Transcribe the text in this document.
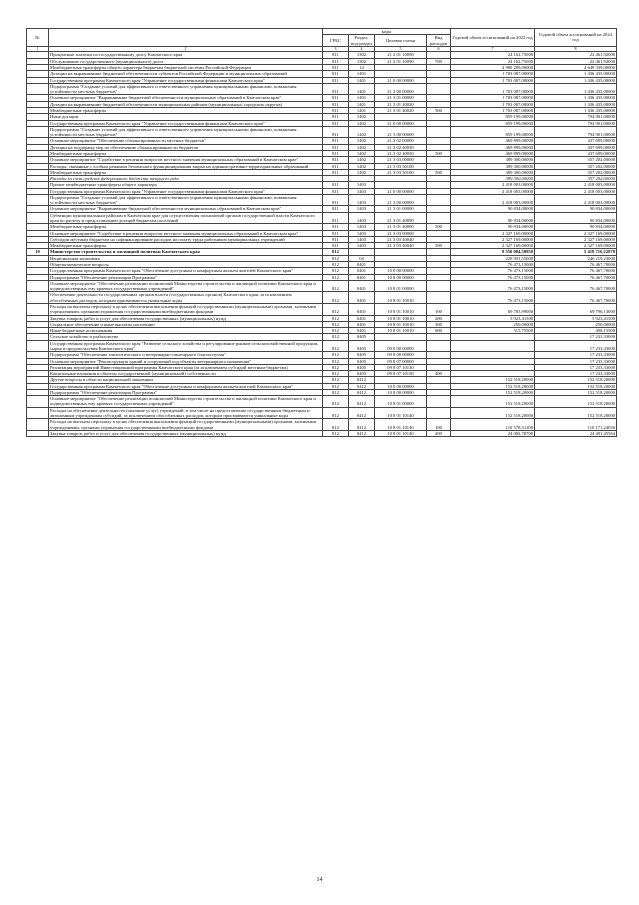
№		коды				Годовой объем ассигнований на 2023 год	Годовой объем ассигнований на 2024 год
		ГРБС	Раздел, под-раздел	Целевая статья	Вид расходов		
1	2	3	4	5	6	7	8
	Процентные платежи по государственному долгу Камчатского края	811	1302	21 2 01 10090		24 162,75000	22 461,92000
	Обслуживание государственного (муниципального) долга	811	1302	21 2 01 10090	700	24 162,75000	22 461,92000
	Межбюджетные трансферты общего характера бюджетам бюджетной системы Российской Федерации	811	14			4 980 289,00000	4 649 339,00000
	Дотации на выравнивание бюджетной обеспеченности субъектов Российской Федерации и муниципальных образований	811	1401			1 703 087,00000	1 436 435,00000
	Государственная программа Камчатского края "Управление государственными финансами Камчатского края"	811	1401	21 0 00 00000		1 703 087,00000	1 436 435,00000
	Подпрограмма "Создание условий для эффективного и ответственного управления муниципальными финансами, повышения устойчивости местных бюджетов"	811	1401	21 3 00 00000		1 703 087,00000	1 436 435,00000
	Основное мероприятие "Выравнивание бюджетной обеспеченности муниципальных образований в Камчатском крае"	811	1401	21 3 01 00000		1 703 087,00000	1 436 435,00000
	Дотации на выравнивание бюджетной обеспеченности муниципальных районов (муниципальных, городских округов)	811	1401	21 3 01 40020		1 703 087,00000	1 436 435,00000
	Межбюджетные трансферты	811	1401	21 3 01 40020	500	1 703 087,00000	1 436 435,00000
	Иные дотации	811	1402			859 199,00000	794 901,00000
	Государственная программа Камчатского края "Управление государственными финансами Камчатского края"	811	1402	21 0 00 00000		859 199,00000	794 901,00000
	Подпрограмма "Создание условий для эффективного и ответственного управления муниципальными финансами, повышения устойчивости местных бюджетов"	811	1402	21 3 00 00000		859 199,00000	794 901,00000
	Основное мероприятие "Обеспечение сбалансированности местных бюджетов"	811	1402	21 3 02 00000		469 899,00000	437 699,00000
	Дотации на поддержку мер по обеспечению сбалансированности бюджетов	811	1402	21 3 02 40030		469 899,00000	437 699,00000
	Межбюджетные трансферты	811	1402	21 3 02 40030	500	469 899,00000	437 699,00000
	Основное мероприятие "Содействие в решении вопросов местного значения муниципальных образований в Камчатском крае"	811	1402	21 3 03 00000		389 300,00000	357 202,00000
	Расходы, связанные с особым режимом безопасного функционирования закрытых административно-территориальных образований	811	1402	21 3 03 50100		389 300,00000	357 202,00000
	Межбюджетные трансферты	811	1402	21 3 03 50100	500	389 300,00000	357 202,00000
	Расходы за счет средств федерального бюджета текущего года					389 300,00000	357 202,00000
	Прочие межбюджетные трансферты общего характера	811	1403			2 418 003,00000	2 418 003,00000
	Государственная программа Камчатского края "Управление государственными финансами Камчатского края"	811	1403	21 0 00 00000		2 418 003,00000	2 418 003,00000
	Подпрограмма "Создание условий для эффективного и ответственного управления муниципальными финансами, повышения устойчивости местных бюджетов"	811	1403	21 3 00 00000		2 418 003,00000	2 418 003,00000
	Основное мероприятие "Выравнивание бюджетной обеспеченности муниципальных образований в Камчатском крае"	811	1403	21 3 01 00000		90 834,00000	90 834,00000
	Субвенции муниципальным районам в Камчатском крае для осуществления полномочий органов государственной власти Камчатского края по расчету и предоставлению дотаций бюджетам поселений	811	1403	21 3 01 40090		90 834,00000	90 834,00000
	Межбюджетные трансферты	811	1403	21 3 01 40090	500	90 834,00000	90 834,00000
	Основное мероприятие "Содействие в решении вопросов местного значения муниципальных образований в Камчатском крае"	811	1403	21 3 03 00000		2 327 169,00000	2 327 169,00000
	Субсидии местным бюджетам на софинансирование расходов на оплату труда работников муниципальных учреждений	811	1403	21 3 03 40040		2 327 169,00000	2 327 169,00000
	Межбюджетные трансферты	811	1403	21 3 03 40040	500	2 327 169,00000	2 327 169,00000
10	Министерство строительства и жилищной политики Камчатского края	812				8 550 004,50850	5 418 716,22878
	Национальная экономика	812	04			228 991,55000	246 219,23000
	Общеэкономические вопросы	812	0401			76 473,15000	76 467,70000
	Государственная программа Камчатского края "Обеспечение доступным и комфортным жильем жителей Камчатского края"	812	0401	10 0 00 00000		76 473,15000	76 467,70000
	Подпрограмма "Обеспечение реализации Программы"	812	0401	10 8 00 00000		76 473,15000	76 467,70000
	Основное мероприятие "Обеспечение реализации полномочий Министерства строительства и жилищной политики Камчатского края и подведомственных ему краевых государственных учреждений"	812	0401	10 8 01 00000		76 473,15000	76 467,70000
	Обеспечение деятельности государственных органов власти (государственных органов) Камчатского края, за исключением обособленных расходов, которым присваиваются уникальные коды	812	0401	10 8 01 10010		76 473,15000	76 467,70000
	Расходы на выплаты персоналу в целях обеспечения выполнения функций государственными (муниципальными) органами, казенными учреждениями, органами управления государственными внебюджетными фондами	812	0401	10 8 01 10010	100	69 783,99000	69 796,13000
	Закупка товаров, работ и услуг для обеспечения государственных (муниципальных) нужд	812	0401	10 8 01 10010	200	5 923,41500	5 923,41500
	Социальное обеспечение и иные выплаты населению	812	0401	10 8 01 10010	300	250,00000	250,00000
	Иные бюджетные ассигнования	812	0401	10 8 01 10010	800	515,75500	498,15500
	Сельское хозяйство и рыболовство	812	0405				17 233,33000
	Государственная программа Камчатского края "Развитие сельского хозяйства и регулирование рынков сельскохозяйственной продукции, сырья и продовольствия Камчатского края"	812	0405	09 0 00 00000			17 233,33000
	Подпрограмма "Обеспечение эпизоотического и ветеринарно-санитарного благополучия"	812	0405	09 8 00 00000			17 233,33000
	Основное мероприятие "Реконструкция зданий и сооружений под объекты ветеринарного назначения"	812	0405	09 8 07 00000			17 233,33000
	Реализация мероприятий Инвестиционной программы Камчатского края (за исключением субсидий местным бюджетам)	812	0405	09 8 07 10130			17 233,33000
	Капитальные вложения в объекты государственной (муниципальной) собственности	812	0405	09 8 07 10130	400		17 233,33000
	Другие вопросы в области национальной экономики	812	0412			152 518,20000	152 518,20000
	Государственная программа Камчатского края "Обеспечение доступным и комфортным жильем жителей Камчатского края"	812	0412	10 0 00 00000		152 518,20000	152 518,20000
	Подпрограмма "Обеспечение реализации Программы"	812	0412	10 8 00 00000		152 518,20000	152 518,20000
	Основное мероприятие "Обеспечение реализации полномочий Министерства строительства и жилищной политики Камчатского края и подведомственных ему краевых государственных учреждений"	812	0412	10 8 01 00000		152 518,20000	152 518,20000
	Расходы на обеспечение деятельности (оказание услуг) учреждений, в том числе на предоставление государственным бюджетным и автономным учреждениям субсидий, за исключением обособленных расходов, которым присваиваются уникальные коды	812	0412	10 8 01 10140		152 518,20000	152 518,20000
	Расходы на выплаты персоналу в целях обеспечения выполнения функций государственными (муниципальными) органами, казенными учреждениями, органами управления государственными внебюджетными фондами	812	0412	10 8 01 10140	100	110 578,51200	110 171,24036
	Закупка товаров, работ и услуг для обеспечения государственных (муниципальных) нужд	812	0412	10 8 01 10140	200	24 082,78700	24 491,45564
14
